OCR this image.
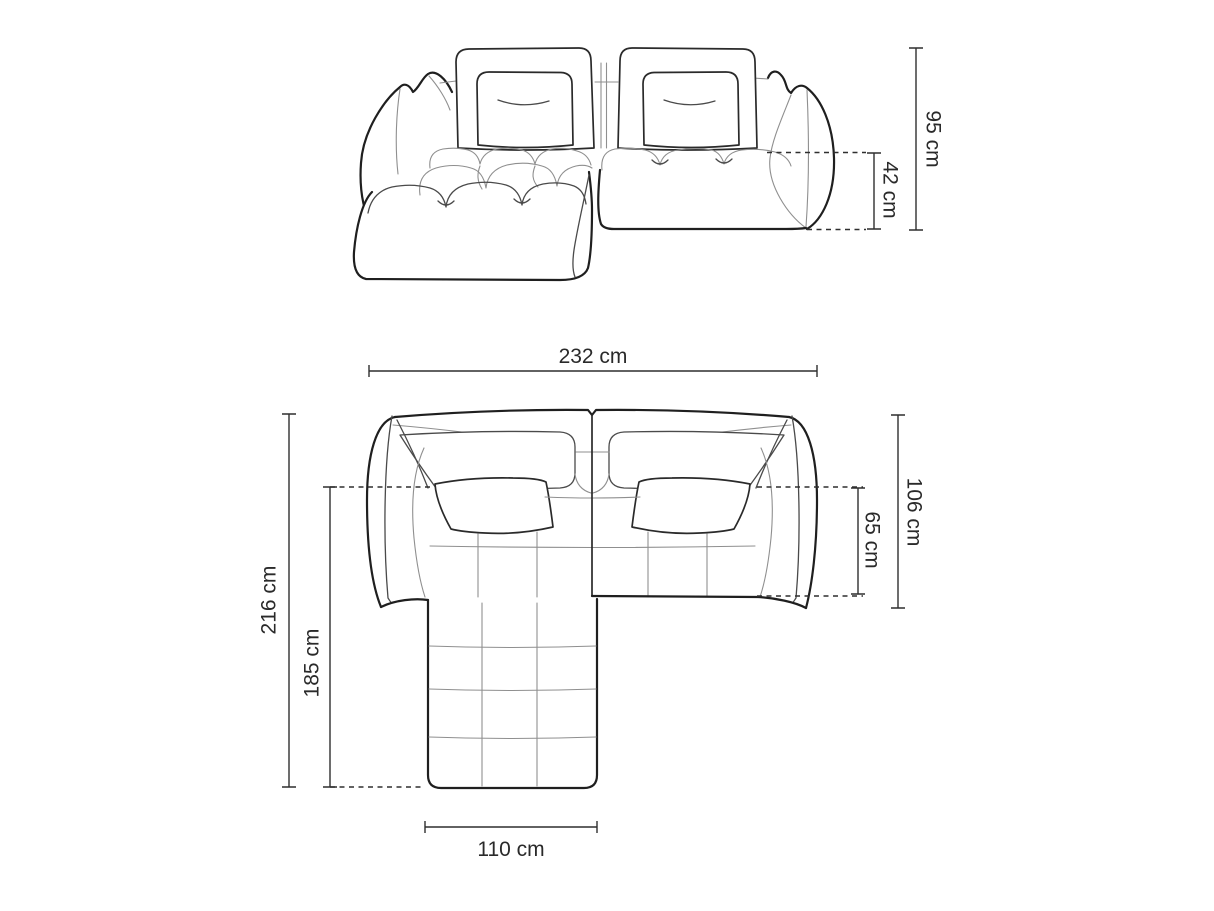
95 cm
42 cm
232 cm
216 cm
185 cm
106 cm
65 cm
110 cm
